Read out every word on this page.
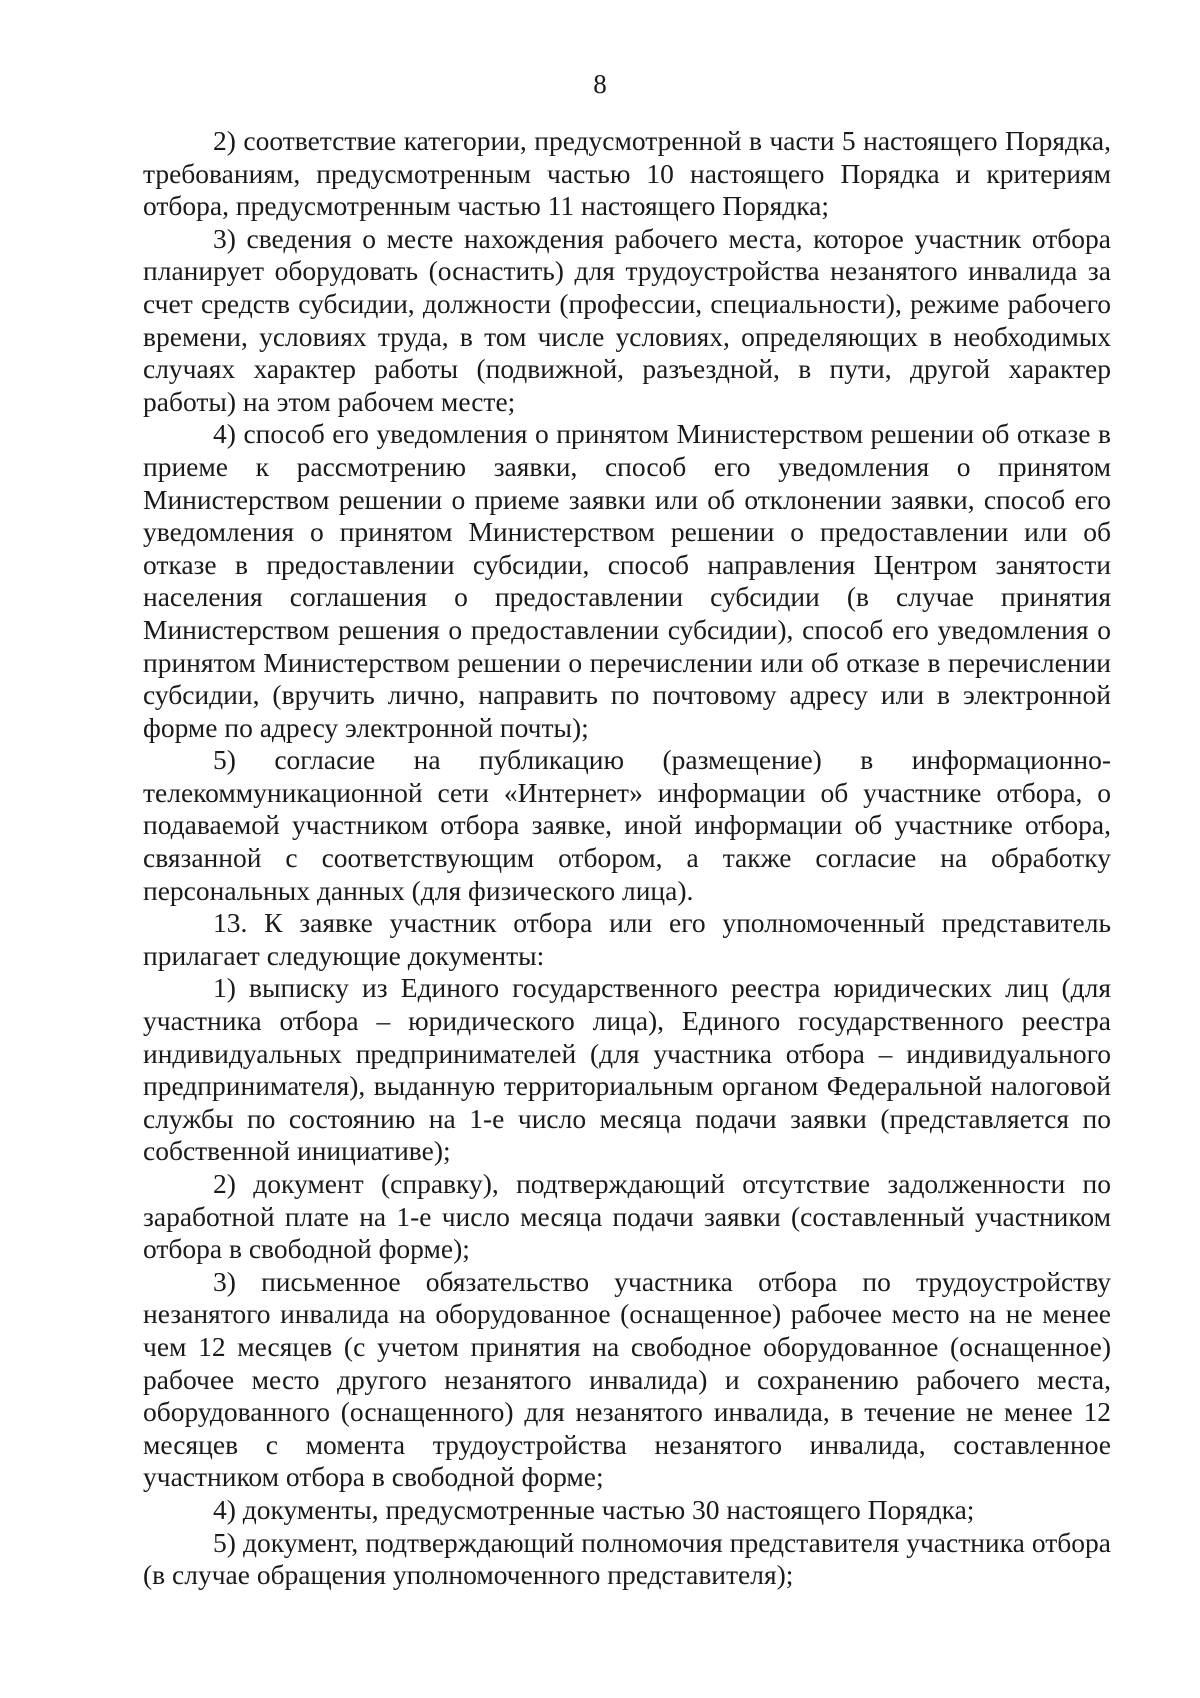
8

2) соответствие категории, предусмотренной в части 5 настоящего Порядка, требованиям, предусмотренным частью 10 настоящего Порядка и критериям отбора, предусмотренным частью 11 настоящего Порядка;

3) сведения о месте нахождения рабочего места, которое участник отбора планирует оборудовать (оснастить) для трудоустройства незанятого инвалида за счет средств субсидии, должности (профессии, специальности), режиме рабочего времени, условиях труда, в том числе условиях, определяющих в необходимых случаях характер работы (подвижной, разъездной, в пути, другой характер работы) на этом рабочем месте;

4) способ его уведомления о принятом Министерством решении об отказе в приеме к рассмотрению заявки, способ его уведомления о принятом Министерством решении о приеме заявки или об отклонении заявки, способ его уведомления о принятом Министерством решении о предоставлении или об отказе в предоставлении субсидии, способ направления Центром занятости населения соглашения о предоставлении субсидии (в случае принятия Министерством решения о предоставлении субсидии), способ его уведомления о принятом Министерством решении о перечислении или об отказе в перечислении субсидии, (вручить лично, направить по почтовому адресу или в электронной форме по адресу электронной почты);

5) согласие на публикацию (размещение) в информационно-телекоммуникационной сети «Интернет» информации об участнике отбора, о подаваемой участником отбора заявке, иной информации об участнике отбора, связанной с соответствующим отбором, а также согласие на обработку персональных данных (для физического лица).

13. К заявке участник отбора или его уполномоченный представитель прилагает следующие документы:

1) выписку из Единого государственного реестра юридических лиц (для участника отбора – юридического лица), Единого государственного реестра индивидуальных предпринимателей (для участника отбора – индивидуального предпринимателя), выданную территориальным органом Федеральной налоговой службы по состоянию на 1-е число месяца подачи заявки (представляется по собственной инициативе);

2) документ (справку), подтверждающий отсутствие задолженности по заработной плате на 1-е число месяца подачи заявки (составленный участником отбора в свободной форме);

3) письменное обязательство участника отбора по трудоустройству незанятого инвалида на оборудованное (оснащенное) рабочее место на не менее чем 12 месяцев (с учетом принятия на свободное оборудованное (оснащенное) рабочее место другого незанятого инвалида) и сохранению рабочего места, оборудованного (оснащенного) для незанятого инвалида, в течение не менее 12 месяцев с момента трудоустройства незанятого инвалида, составленное участником отбора в свободной форме;

4) документы, предусмотренные частью 30 настоящего Порядка;

5) документ, подтверждающий полномочия представителя участника отбора (в случае обращения уполномоченного представителя);
